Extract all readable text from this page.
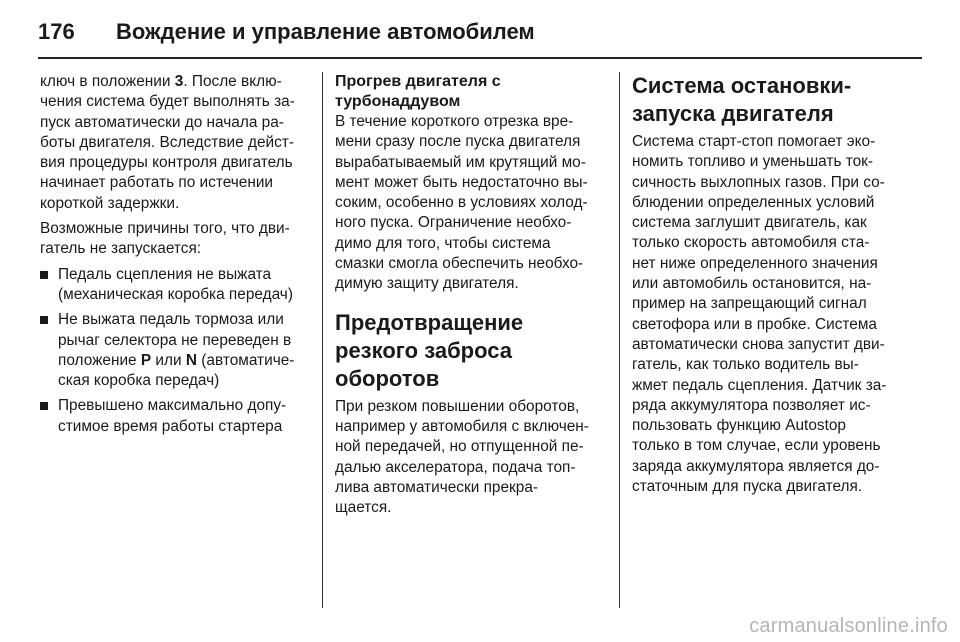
176	Вождение и управление автомобилем

ключ в положении 3. После вклю-
чения система будет выполнять за-
пуск автоматически до начала ра-
боты двигателя. Вследствие дейст-
вия процедуры контроля двигатель
начинает работать по истечении
короткой задержки.

Возможные причины того, что дви-
гатель не запускается:

Педаль сцепления не выжата
(механическая коробка передач)
Не выжата педаль тормоза или
рычаг селектора не переведен в
положение P или N (автоматиче-
ская коробка передач)
Превышено максимально допу-
стимое время работы стартера
Прогрев двигателя с
турбонаддувом

В течение короткого отрезка вре-
мени сразу после пуска двигателя
вырабатываемый им крутящий мо-
мент может быть недостаточно вы-
соким, особенно в условиях холод-
ного пуска. Ограничение необхо-
димо для того, чтобы система
смазки смогла обеспечить необхо-
димую защиту двигателя.

Предотвращение
резкого заброса
оборотов

При резком повышении оборотов,
например у автомобиля с включен-
ной передачей, но отпущенной пе-
далью акселератора, подача топ-
лива автоматически прекра-
щается.

Система остановки-
запуска двигателя

Система старт-стоп помогает эко-
номить топливо и уменьшать ток-
сичность выхлопных газов. При со-
блюдении определенных условий
система заглушит двигатель, как
только скорость автомобиля ста-
нет ниже определенного значения
или автомобиль остановится, на-
пример на запрещающий сигнал
светофора или в пробке. Система
автоматически снова запустит дви-
гатель, как только водитель вы-
жмет педаль сцепления. Датчик за-
ряда аккумулятора позволяет ис-
пользовать функцию Autostop
только в том случае, если уровень
заряда аккумулятора является до-
статочным для пуска двигателя.

carmanualsonline.info
